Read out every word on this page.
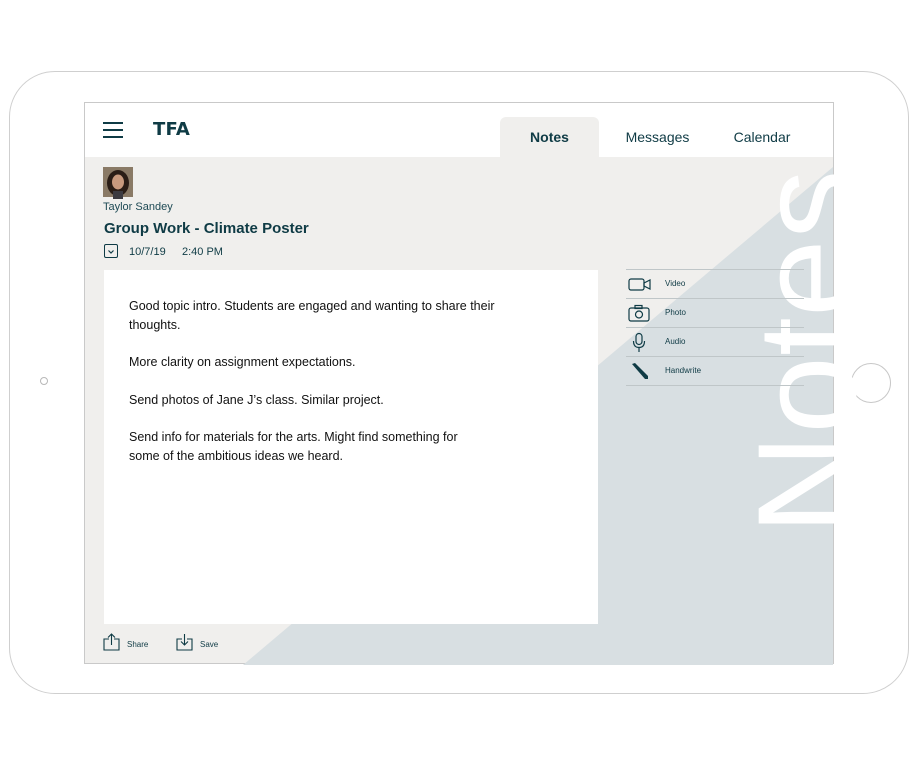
Notes
TFA	Notes	Messages	Calendar
Taylor Sandey
Group Work - Climate Poster
10/7/19 2:40 PM

Good topic intro. Students are engaged and wanting to share their thoughts.

More clarity on assignment expectations.

Send photos of Jane J’s class. Similar project.

Send info for materials for the arts. Might find something for some of the ambitious ideas we heard.

Video
Photo
Audio
Handwrite
Share	Save
